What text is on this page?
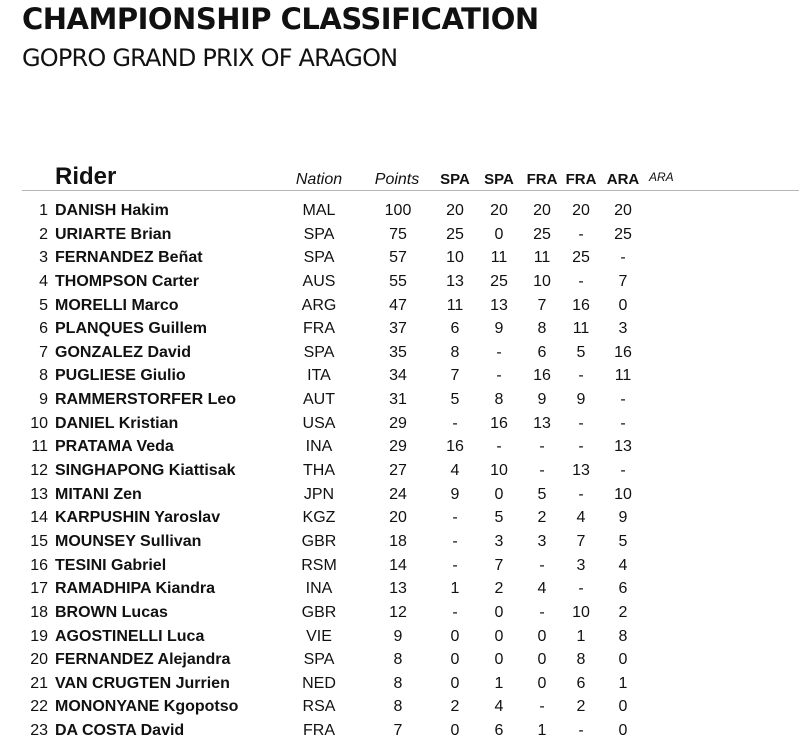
CHAMPIONSHIP CLASSIFICATION
GOPRO GRAND PRIX OF ARAGON
Rider	Nation	Points	SPA SPA FRA FRA ARA ARA
1 DANISH Hakim	MAL	100	20	20	20	20	20
2 URIARTE Brian	SPA	75	25	0	25	-	25
3 FERNANDEZ Beñat	SPA	57	10	11	11	25	-
4 THOMPSON Carter	AUS	55	13	25	10	-	7
5 MORELLI Marco	ARG	47	11	13	7	16	0
6 PLANQUES Guillem	FRA	37	6	9	8	11	3
7 GONZALEZ David	SPA	35	8	-	6	5	16
8 PUGLIESE Giulio	ITA	34	7	-	16	-	11
9 RAMMERSTORFER Leo	AUT	31	5	8	9	9	-
10 DANIEL Kristian	USA	29	-	16	13	-	-
11 PRATAMA Veda	INA	29	16	-	-	-	13
12 SINGHAPONG Kiattisak	THA	27	4	10	-	13	-
13 MITANI Zen	JPN	24	9	0	5	-	10
14 KARPUSHIN Yaroslav	KGZ	20	-	5	2	4	9
15 MOUNSEY Sullivan	GBR	18	-	3	3	7	5
16 TESINI Gabriel	RSM	14	-	7	-	3	4
17 RAMADHIPA Kiandra	INA	13	1	2	4	-	6
18 BROWN Lucas	GBR	12	-	0	-	10	2
19 AGOSTINELLI Luca	VIE	9	0	0	0	1	8
20 FERNANDEZ Alejandra	SPA	8	0	0	0	8	0
21 VAN CRUGTEN Jurrien	NED	8	0	1	0	6	1
22 MONONYANE Kgopotso	RSA	8	2	4	-	2	0
23 DA COSTA David	FRA	7	0	6	1	-	0
